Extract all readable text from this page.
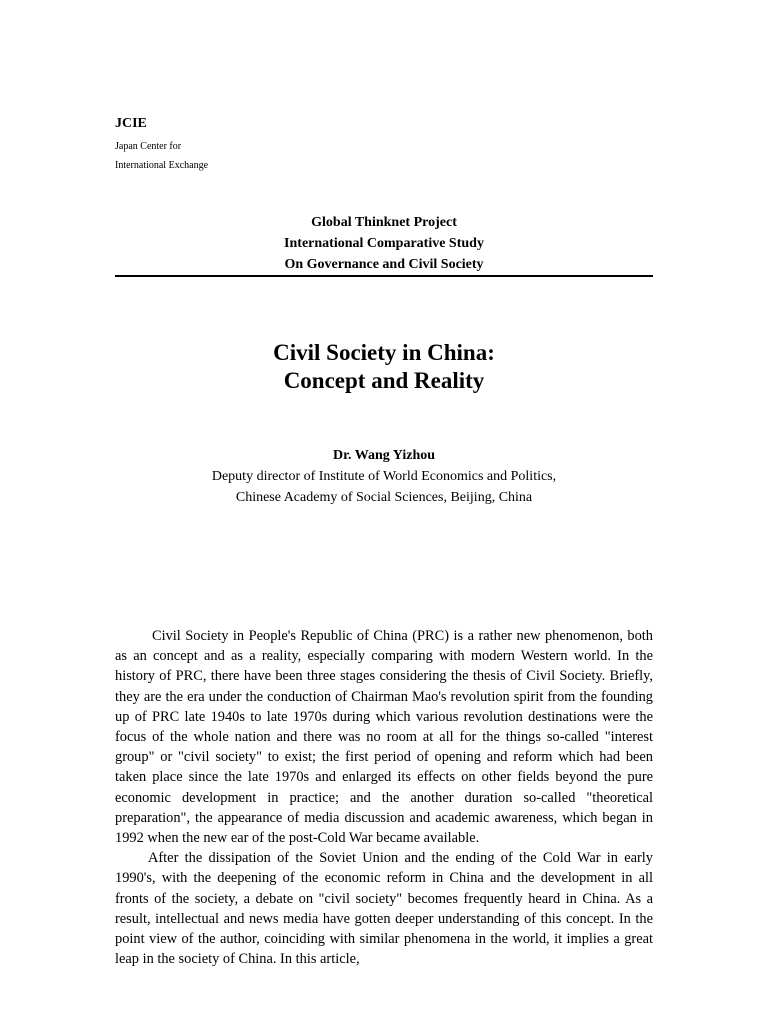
JCIE
Japan Center for
International Exchange
Global Thinknet Project
International Comparative Study
On Governance and Civil Society
Civil Society in China:
Concept and Reality
Dr. Wang Yizhou
Deputy director of Institute of World Economics and Politics,
Chinese Academy of Social Sciences, Beijing, China

Civil Society in People's Republic of China (PRC) is a rather new phenomenon, both as an concept and as a reality, especially comparing with modern Western world. In the history of PRC, there have been three stages considering the thesis of Civil Society. Briefly, they are the era under the conduction of Chairman Mao's revolution spirit from the founding up of PRC late 1940s to late 1970s during which various revolution destinations were the focus of the whole nation and there was no room at all for the things so-called "interest group" or "civil society" to exist; the first period of opening and reform which had been taken place since the late 1970s and enlarged its effects on other fields beyond the pure economic development in practice; and the another duration so-called "theoretical preparation", the appearance of media discussion and academic awareness, which began in 1992 when the new ear of the post-Cold War became available.

After the dissipation of the Soviet Union and the ending of the Cold War in early 1990's, with the deepening of the economic reform in China and the development in all fronts of the society, a debate on "civil society" becomes frequently heard in China. As a result, intellectual and news media have gotten deeper understanding of this concept. In the point view of the author, coinciding with similar phenomena in the world, it implies a great leap in the society of China. In this article,
